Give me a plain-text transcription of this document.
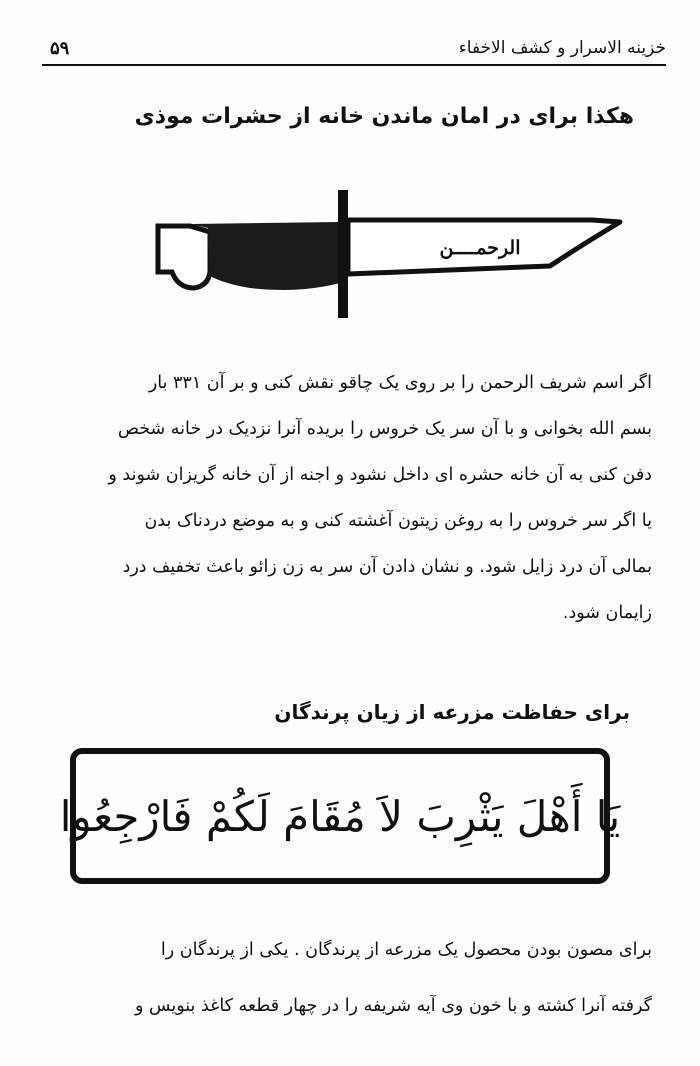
خزینه الاسرار و کشف الاخفاء
۵۹
هکذا برای در امان ماندن خانه از حشرات موذی
الرحمــــن
اگر اسم شریف الرحمن را بر روی یک چاقو نقش کنی و بر آن ۳۳۱ بار
بسم الله بخوانی و با آن سر یک خروس را بریده آنرا نزدیک در خانه شخص
دفن کنی به آن خانه حشره ای داخل نشود و اجنه از آن خانه گریزان شوند و
یا اگر سر خروس را به روغن زیتون آغشته کنی و به موضع دردناک بدن
بمالی آن درد زایل شود. و نشان دادن آن سر به زن زائو باعث تخفیف درد
زایمان شود.
برای حفاظت مزرعه از زیان پرندگان
یَا أَهْلَ یَثْرِبَ لاَ مُقَامَ لَکُمْ فَارْجِعُوا
برای مصون بودن محصول یک مزرعه از پرندگان . یکی از پرندگان را
گرفته آنرا کشته و با خون وی آیه شریفه را در چهار قطعه کاغذ بنویس و
